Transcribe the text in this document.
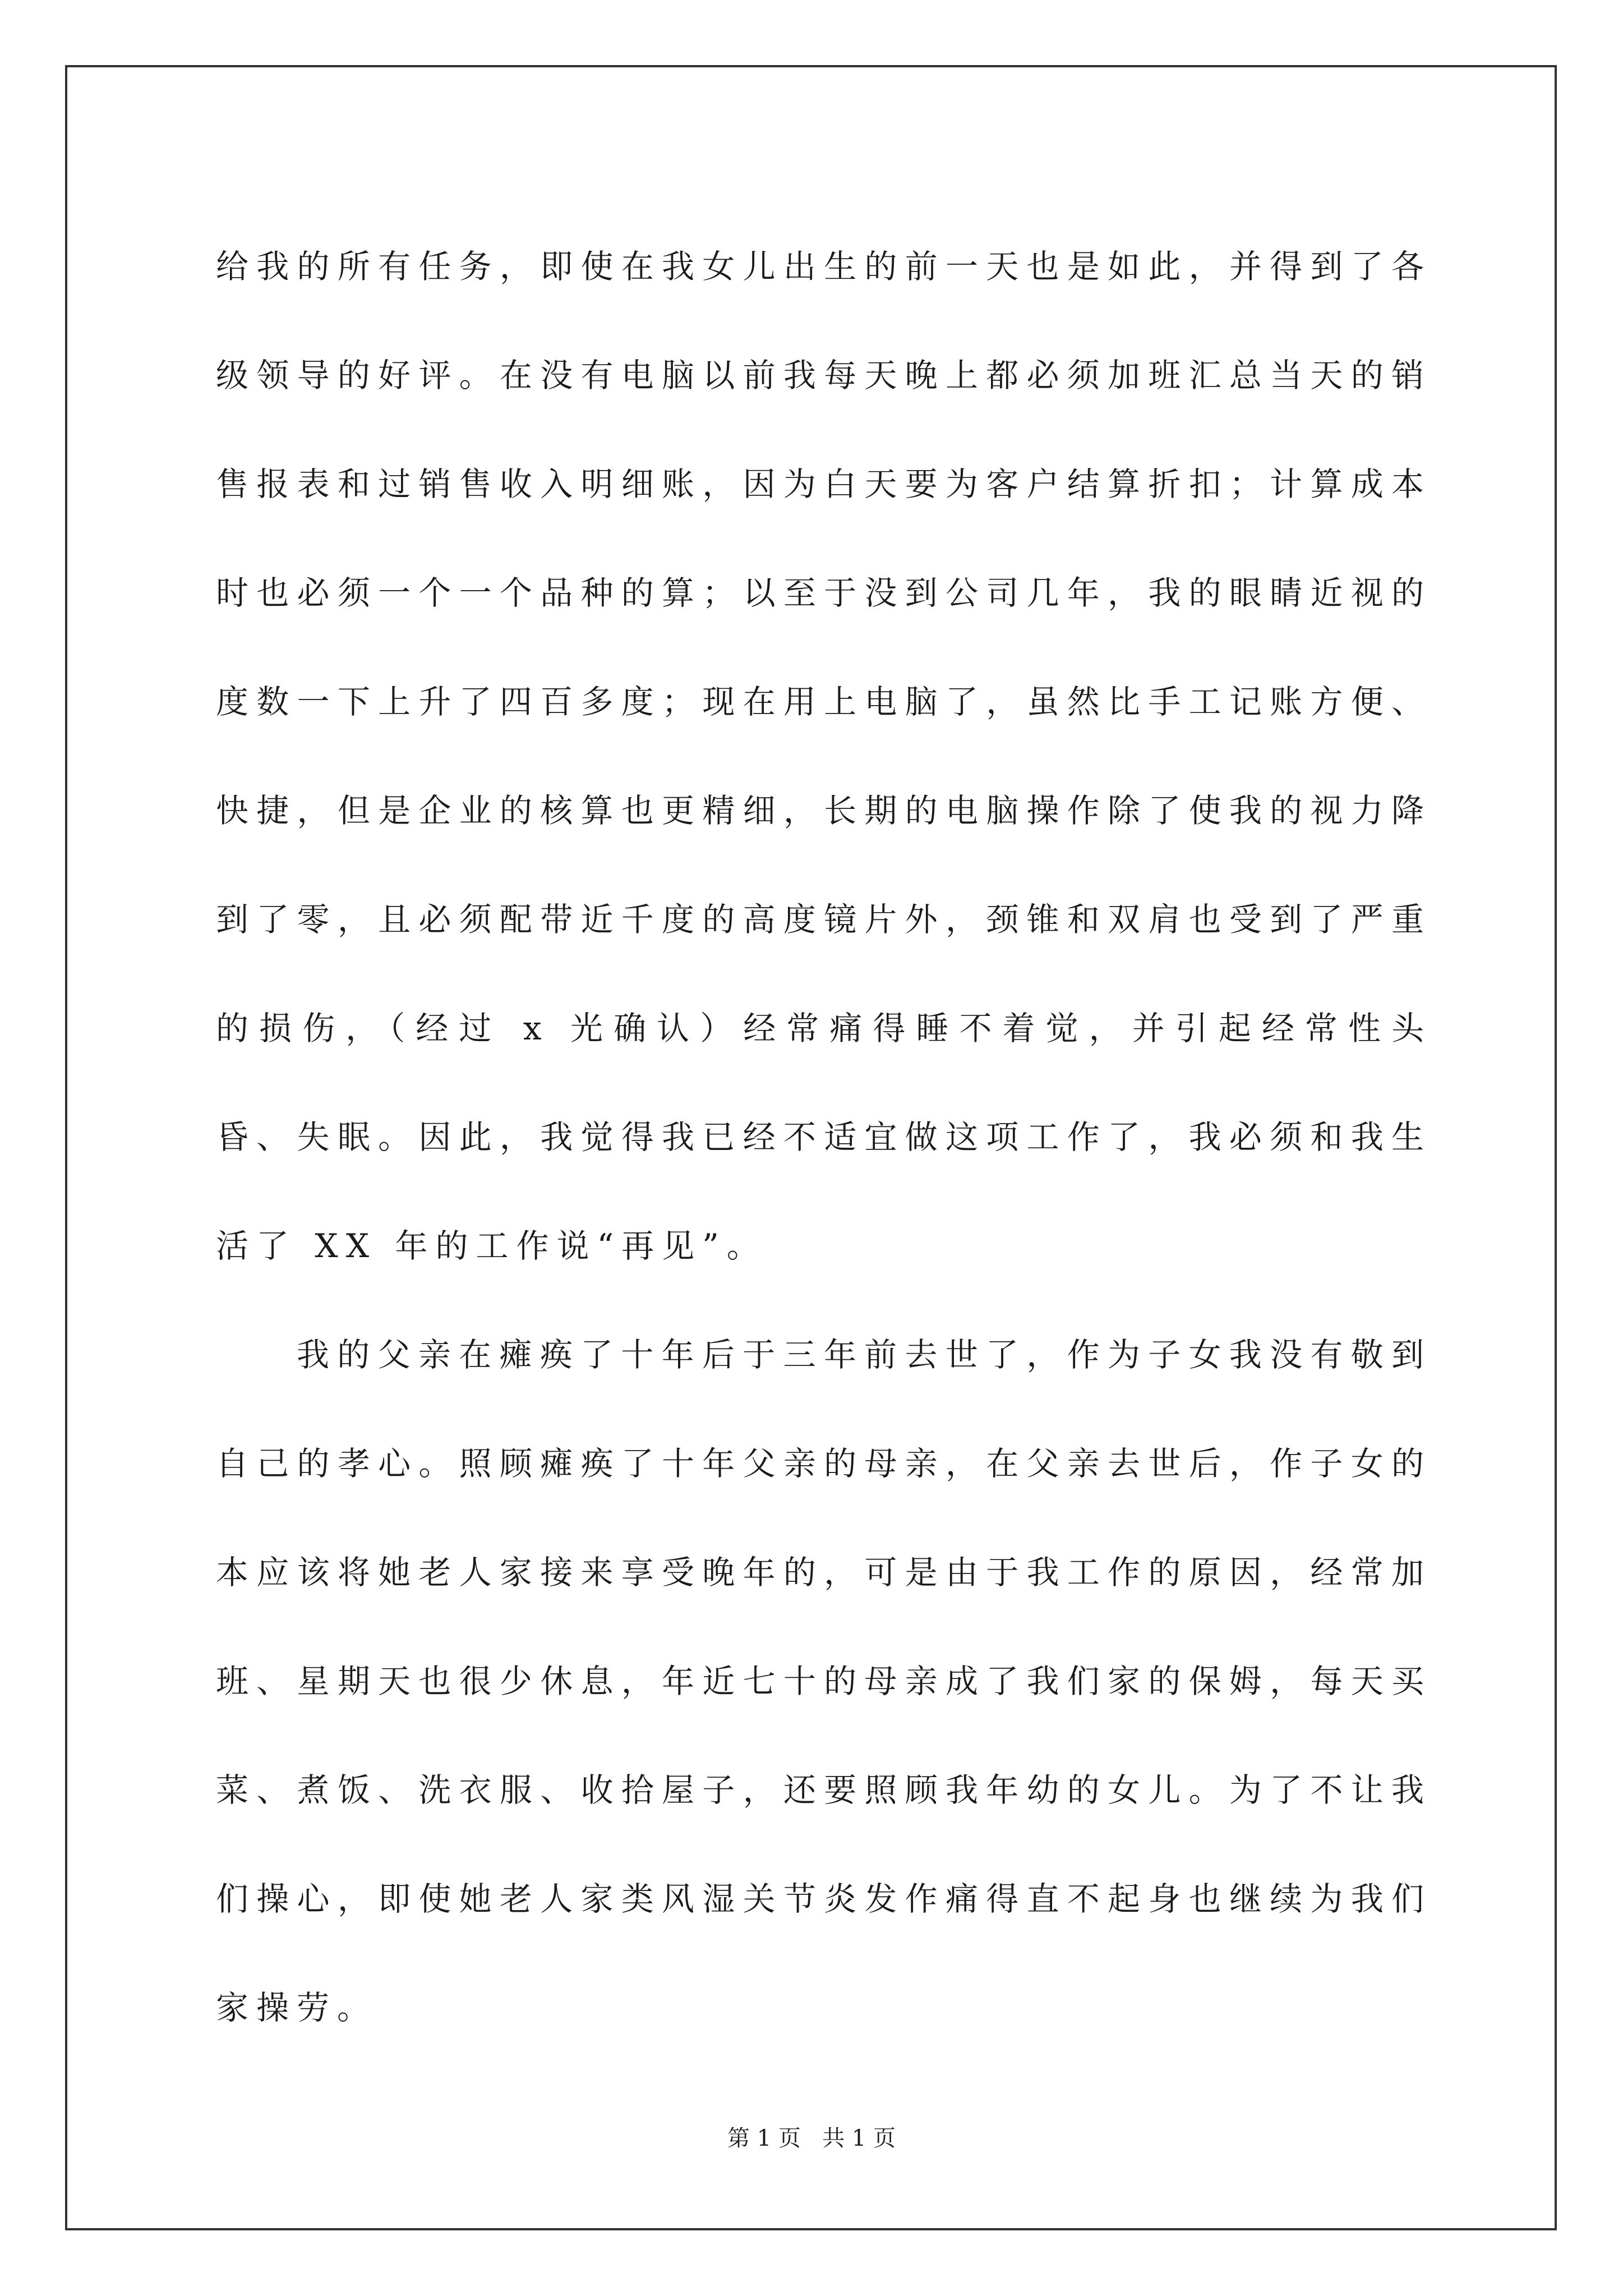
给我的所有任务，即使在我女儿出生的前一天也是如此，并得到了各级领导的好评。在没有电脑以前我每天晚上都必须加班汇总当天的销售报表和过销售收入明细账，因为白天要为客户结算折扣；计算成本时也必须一个一个品种的算；以至于没到公司几年，我的眼睛近视的度数一下上升了四百多度；现在用上电脑了，虽然比手工记账方便、快捷，但是企业的核算也更精细，长期的电脑操作除了使我的视力降到了零，且必须配带近千度的高度镜片外，颈锥和双肩也受到了严重的损伤，（经过 x 光确认）经常痛得睡不着觉，并引起经常性头昏、失眠。因此，我觉得我已经不适宜做这项工作了，我必须和我生活了 XX 年的工作说“再见”。

我的父亲在瘫痪了十年后于三年前去世了，作为子女我没有敬到自己的孝心。照顾瘫痪了十年父亲的母亲，在父亲去世后，作子女的本应该将她老人家接来享受晚年的，可是由于我工作的原因，经常加班、星期天也很少休息，年近七十的母亲成了我们家的保姆，每天买菜、煮饭、洗衣服、收拾屋子，还要照顾我年幼的女儿。为了不让我们操心，即使她老人家类风湿关节炎发作痛得直不起身也继续为我们家操劳。

第 1 页   共 1 页
